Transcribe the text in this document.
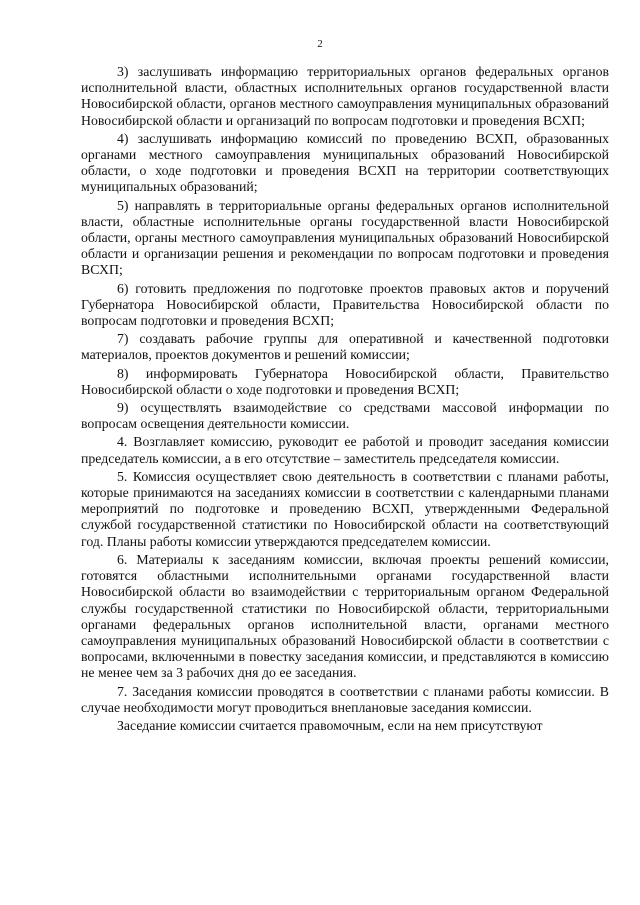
2

3) заслушивать информацию территориальных органов федеральных органов исполнительной власти, областных исполнительных органов государственной власти Новосибирской области, органов местного самоуправления муниципальных образований Новосибирской области и организаций по вопросам подготовки и проведения ВСХП;

4) заслушивать информацию комиссий по проведению ВСХП, образованных органами местного самоуправления муниципальных образований Новосибирской области, о ходе подготовки и проведения ВСХП на территории соответствующих муниципальных образований;

5) направлять в территориальные органы федеральных органов исполнительной власти, областные исполнительные органы государственной власти Новосибирской области, органы местного самоуправления муниципальных образований Новосибирской области и организации решения и рекомендации по вопросам подготовки и проведения ВСХП;

6) готовить предложения по подготовке проектов правовых актов и поручений Губернатора Новосибирской области, Правительства Новосибирской области по вопросам подготовки и проведения ВСХП;

7) создавать рабочие группы для оперативной и качественной подготовки материалов, проектов документов и решений комиссии;

8) информировать Губернатора Новосибирской области, Правительство Новосибирской области о ходе подготовки и проведения ВСХП;

9) осуществлять взаимодействие со средствами массовой информации по вопросам освещения деятельности комиссии.

4. Возглавляет комиссию, руководит ее работой и проводит заседания комиссии председатель комиссии, а в его отсутствие – заместитель председателя комиссии.

5. Комиссия осуществляет свою деятельность в соответствии с планами работы, которые принимаются на заседаниях комиссии в соответствии с календарными планами мероприятий по подготовке и проведению ВСХП, утвержденными Федеральной службой государственной статистики по Новосибирской области на соответствующий год. Планы работы комиссии утверждаются председателем комиссии.

6. Материалы к заседаниям комиссии, включая проекты решений комиссии, готовятся областными исполнительными органами государственной власти Новосибирской области во взаимодействии с территориальным органом Федеральной службы государственной статистики по Новосибирской области, территориальными органами федеральных органов исполнительной власти, органами местного самоуправления муниципальных образований Новосибирской области в соответствии с вопросами, включенными в повестку заседания комиссии, и представляются в комиссию не менее чем за 3 рабочих дня до ее заседания.

7. Заседания комиссии проводятся в соответствии с планами работы комиссии. В случае необходимости могут проводиться внеплановые заседания комиссии.

Заседание комиссии считается правомочным, если на нем присутствуют
